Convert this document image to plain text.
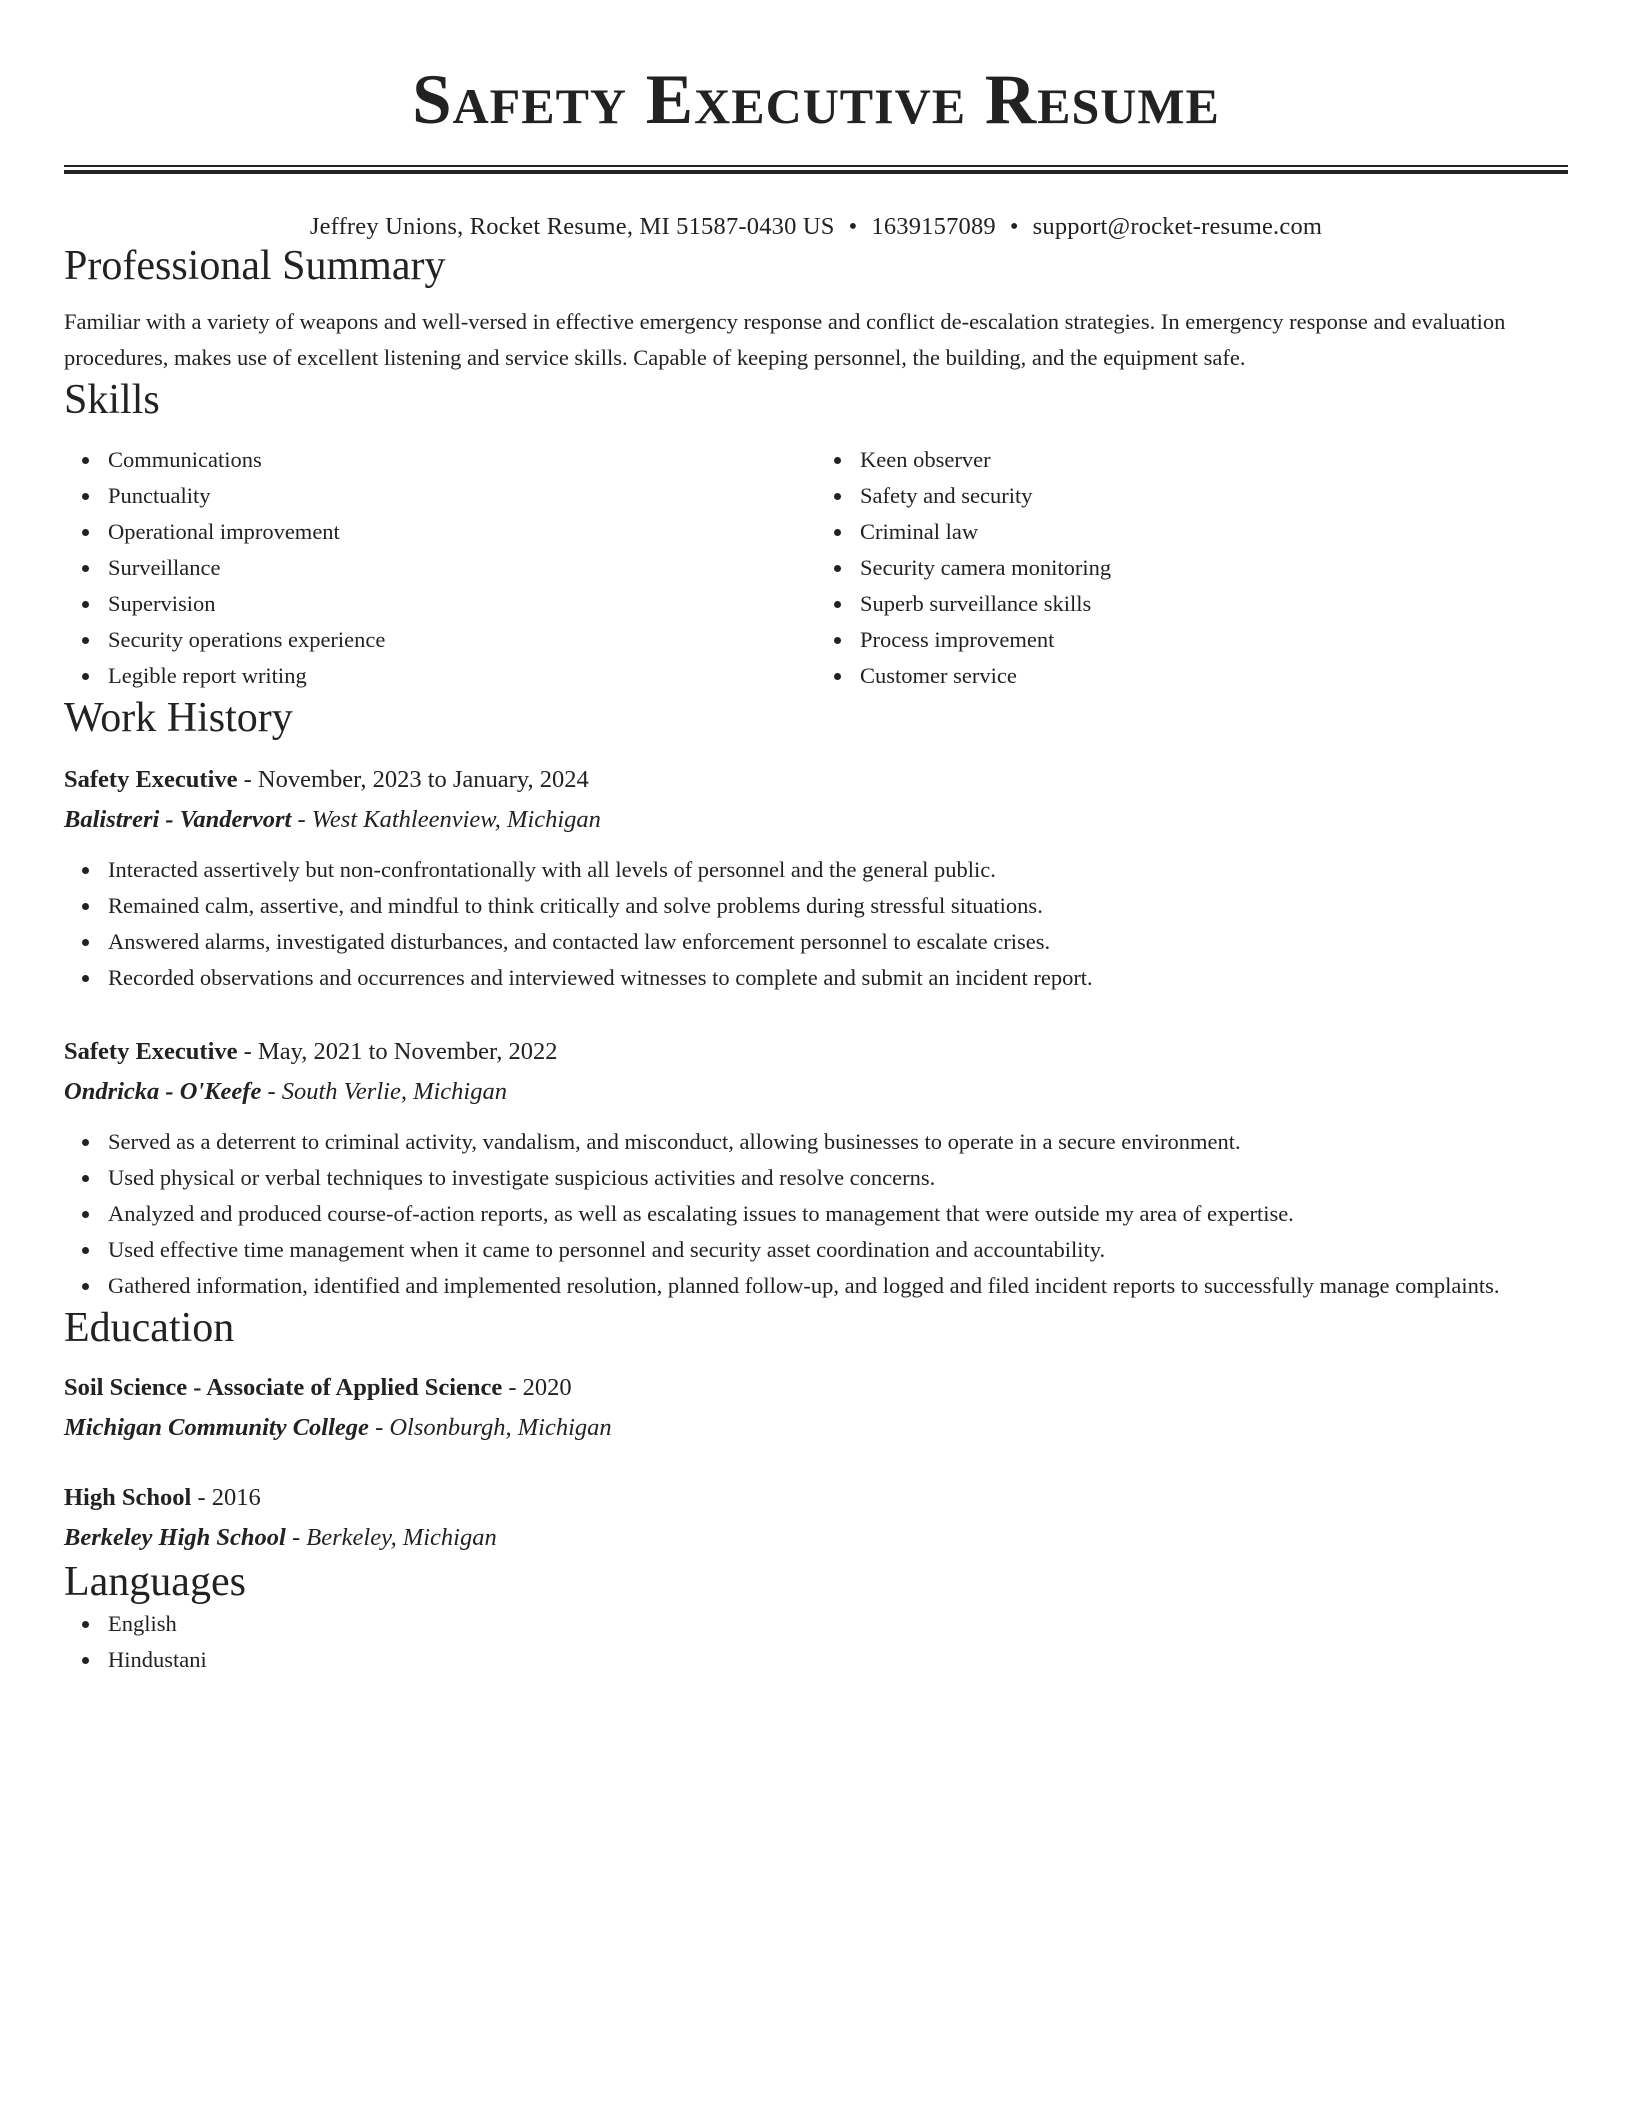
Safety Executive Resume
Jeffrey Unions, Rocket Resume, MI 51587-0430 US • 1639157089 • support@rocket-resume.com
Professional Summary

Familiar with a variety of weapons and well-versed in effective emergency response and conflict de-escalation strategies. In emergency response and evaluation procedures, makes use of excellent listening and service skills. Capable of keeping personnel, the building, and the equipment safe.

Skills
Communications
Punctuality
Operational improvement
Surveillance
Supervision
Security operations experience
Legible report writing
Keen observer
Safety and security
Criminal law
Security camera monitoring
Superb surveillance skills
Process improvement
Customer service
Work History
Safety Executive - November, 2023 to January, 2024
Balistreri - Vandervort - West Kathleenview, Michigan
Interacted assertively but non-confrontationally with all levels of personnel and the general public.
Remained calm, assertive, and mindful to think critically and solve problems during stressful situations.
Answered alarms, investigated disturbances, and contacted law enforcement personnel to escalate crises.
Recorded observations and occurrences and interviewed witnesses to complete and submit an incident report.
Safety Executive - May, 2021 to November, 2022
Ondricka - O'Keefe - South Verlie, Michigan
Served as a deterrent to criminal activity, vandalism, and misconduct, allowing businesses to operate in a secure environment.
Used physical or verbal techniques to investigate suspicious activities and resolve concerns.
Analyzed and produced course-of-action reports, as well as escalating issues to management that were outside my area of expertise.
Used effective time management when it came to personnel and security asset coordination and accountability.
Gathered information, identified and implemented resolution, planned follow-up, and logged and filed incident reports to successfully manage complaints.
Education
Soil Science - Associate of Applied Science - 2020
Michigan Community College - Olsonburgh, Michigan
High School - 2016
Berkeley High School - Berkeley, Michigan
Languages
English
Hindustani
